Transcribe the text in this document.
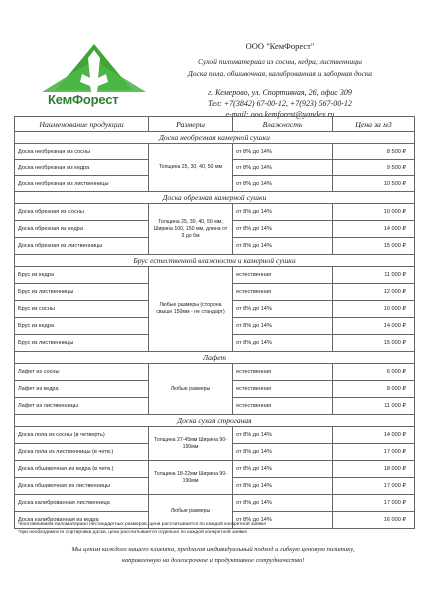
КемФорест
ООО "КемФорест"
Сухой пиломатериал из сосны, кедра, лиственницы
Доска пола, обшивочная, калиброванная и заборная доска
г. Кемерово, ул. Спортивная, 26, офис 309
Тел: +7(3842) 67-00-12, +7(923) 567-00-12
e-mail: ooo.kemforest@yandex.ru
Наименование продукции	Размеры	Влажность	Цена за м3
Доска необрезная камерной сушки			
Доска необрезная из сосны	Толщина 25, 30, 40, 50 мм	от 8% до 14%	8 500 ₽
Доска необрезная из кедра		от 8% до 14%	9 500 ₽
Доска необрезная из лиственницы		от 8% до 14%	10 500 ₽
Доска обрезная камерной сушки			
Доска обрезная из сосны	Толщина 25, 30, 40, 50 мм, Ширина 100, 150 мм, длина от 3 до 6м	от 8% до 14%	10 000 ₽
Доска обрезная из кедра		от 8% до 14%	14 000 ₽
Доска обрезная из лиственницы		от 8% до 14%	15 000 ₽
Брус естественной влажности и камерной сушки			
Брус из кедра	Любые размеры (сторона свыше 150мм - не стандарт)	естественная	11 000 ₽
Брус из лиственницы		естественная	12 000 ₽
Брус из сосны		от 8% до 14%	10 000 ₽
Брус из кедра		от 8% до 14%	14 000 ₽
Брус из лиственницы		от 8% до 14%	15 000 ₽
Лафет			
Лафет из сосны	Любые размеры	естественная	6 000 ₽
Лафет из кедра		естественная	8 000 ₽
Лафет из лиственницы		естественная	11 000 ₽
Доска сухая строганая			
Доска пола из сосны (в четверть)	Толщина 27-45мм Ширина 90-190мм	от 8% до 14%	14 000 ₽
Доска пола из лиственницы (в четв.)		от 8% до 14%	17 000 ₽
Доска обшивочная из кедра (в четв.)	Толщина 18-22мм Ширина 90-190мм	от 8% до 14%	18 000 ₽
Доска обшивочная из лиственницы		от 8% до 14%	17 000 ₽
Доска калиброванная лиственница	Любые размеры	от 8% до 14%	17 000 ₽
Доска калиброванная из кедра		от 8% до 14%	16 000 ₽
*изготавливаем пиломатериал нестандартных размеров, цена рассчитывается по каждой конкретной заявке
*при необходимости сортировки доски, цена рассчитывается отдельно по каждой конкретной заявке
Мы ценим каждого нашего клиента, предлагая индивидуальный подход и гибкую ценовую политику,
направленную на долгосрочное и продуктивное сотрудничество!
